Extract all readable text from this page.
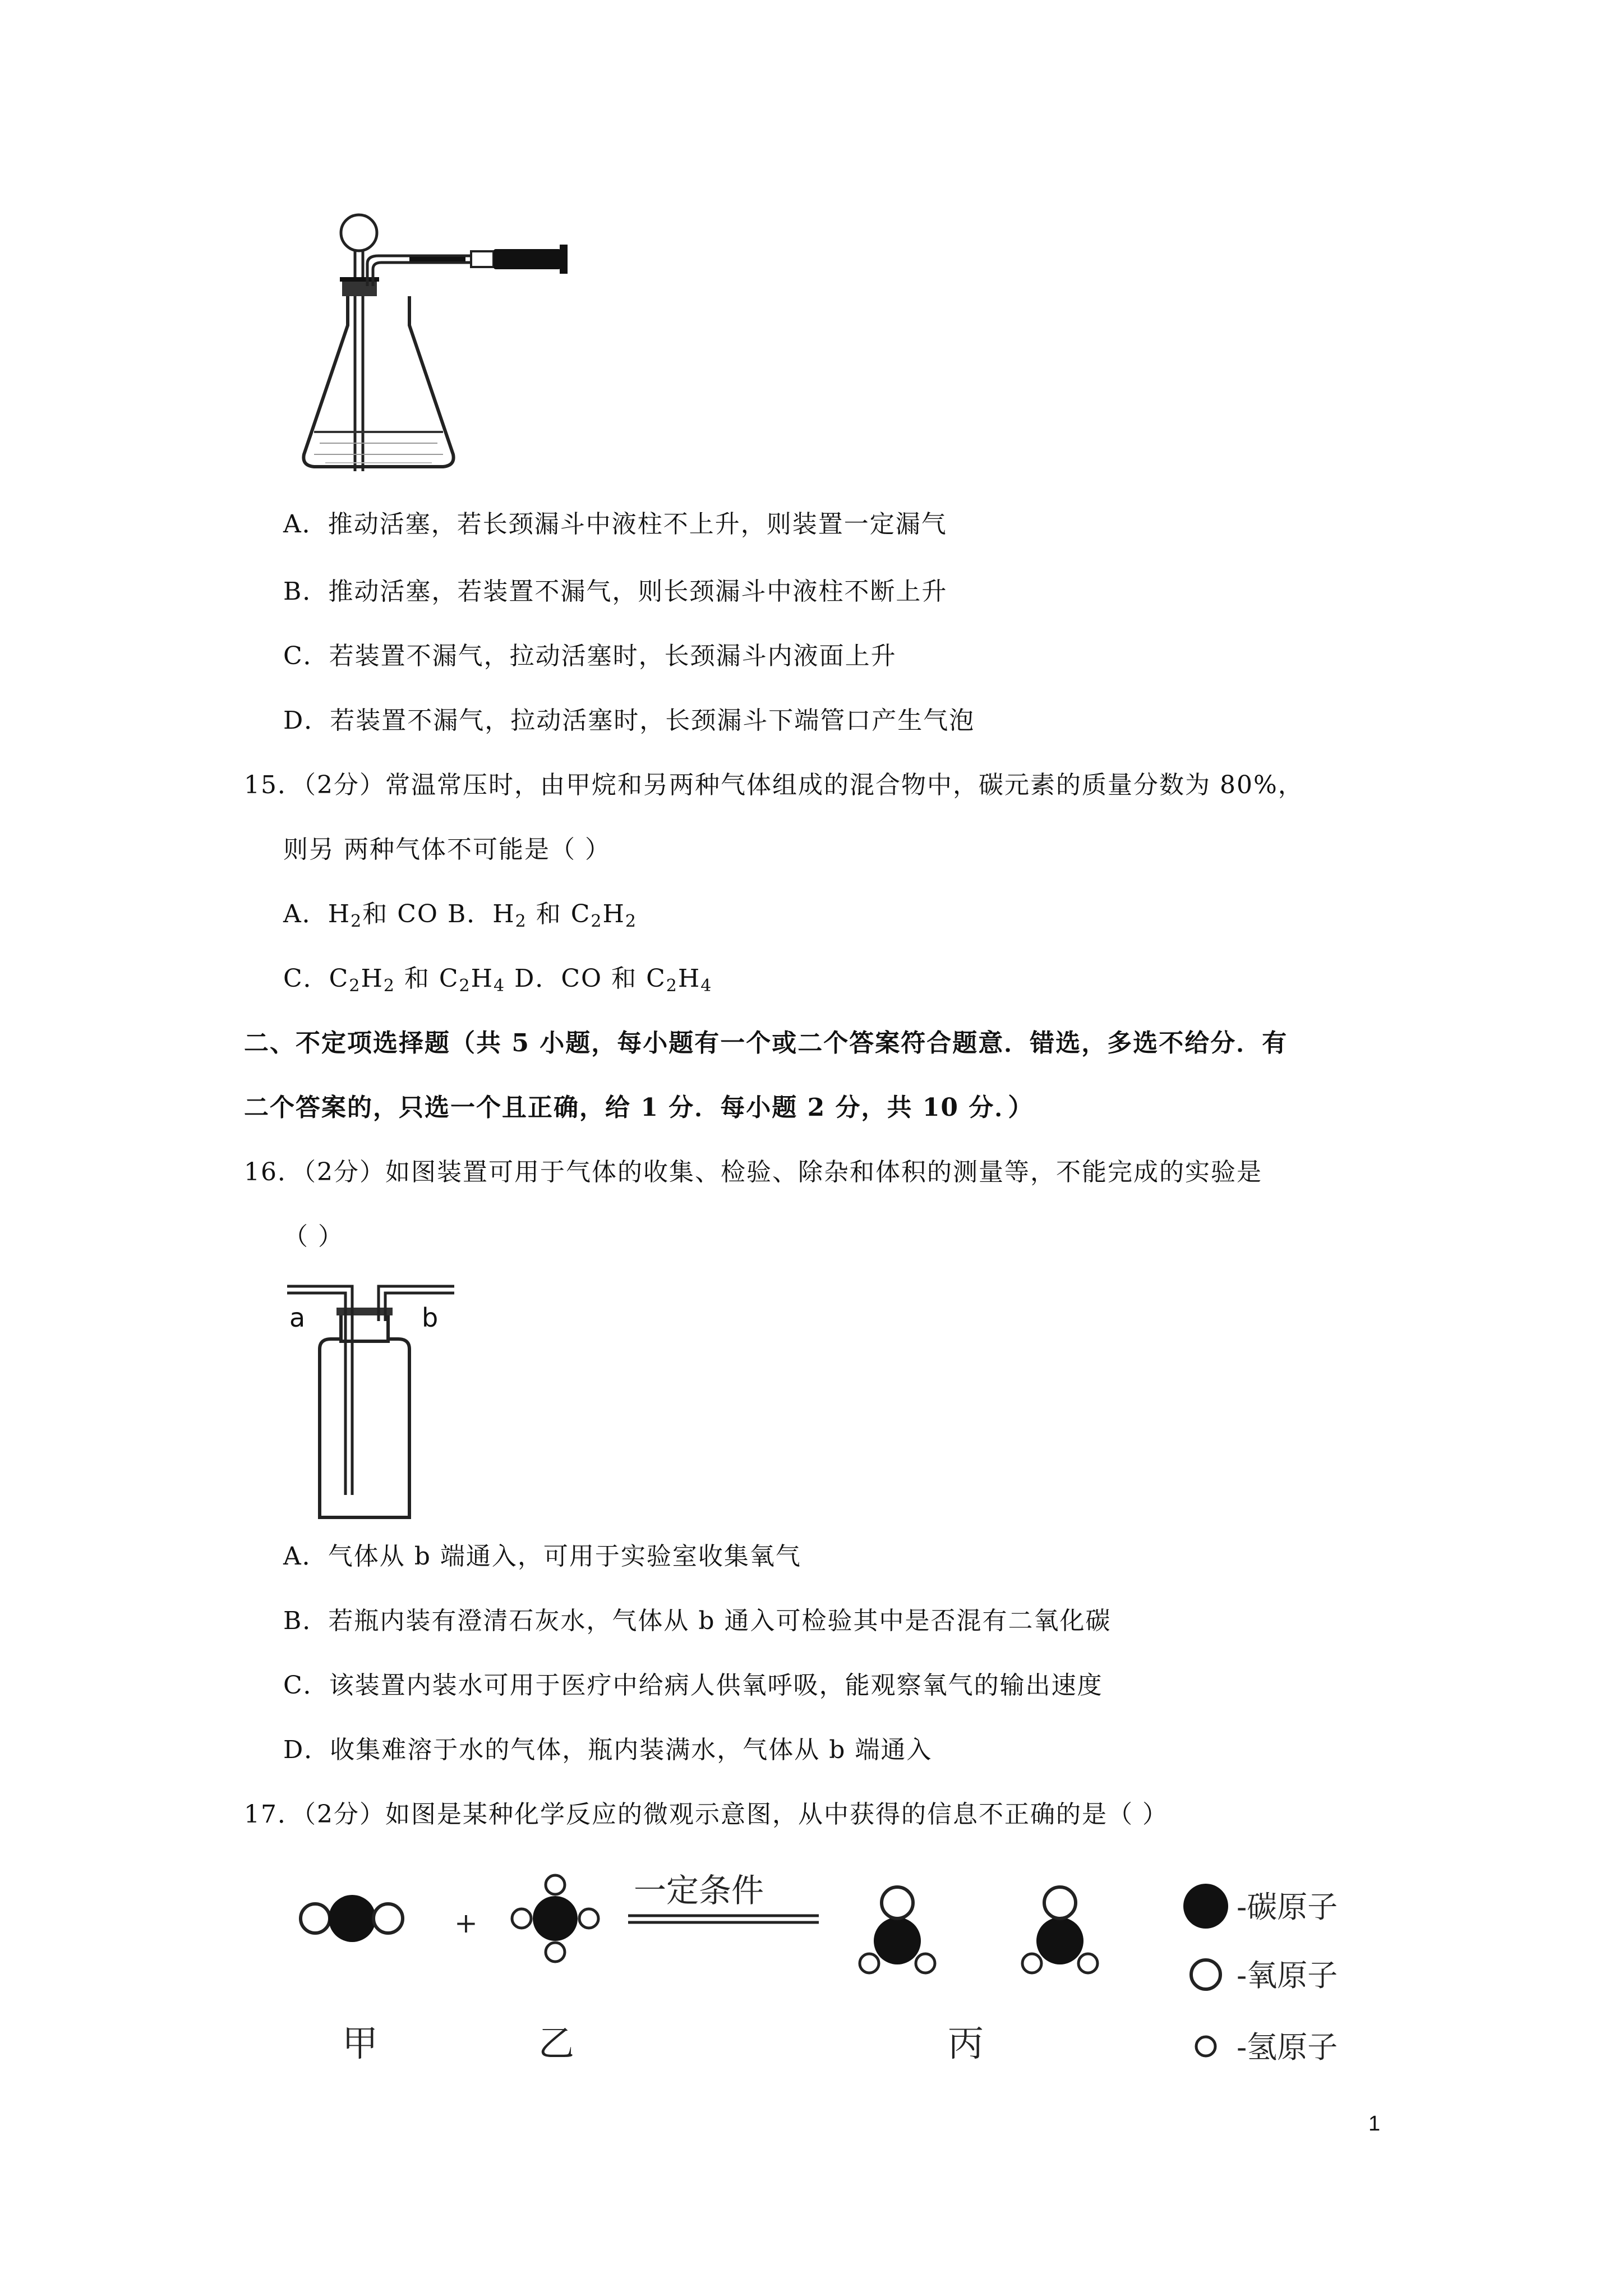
A．推动活塞，若长颈漏斗中液柱不上升，则装置一定漏气
B．推动活塞，若装置不漏气，则长颈漏斗中液柱不断上升
C．若装置不漏气，拉动活塞时，长颈漏斗内液面上升
D．若装置不漏气，拉动活塞时，长颈漏斗下端管口产生气泡
15．（2分）常温常压时，由甲烷和另两种气体组成的混合物中，碳元素的质量分数为 80%，
则另 两种气体不可能是（ ）
A．$H_2$和 CO B．$H_2$ 和 $C_2H_2$
C．$C_2H_2$ 和 $C_2H_4$ D．CO 和 $C_2H_4$
二、不定项选择题（共 5 小题，每小题有一个或二个答案符合题意．错选，多选不给分．有
二个答案的，只选一个且正确，给 1 分．每小题 2 分，共 10 分．）
16．（2分）如图装置可用于气体的收集、检验、除杂和体积的测量等，不能完成的实验是
（ ）
a	b
A．气体从 b 端通入，可用于实验室收集氧气
B．若瓶内装有澄清石灰水，气体从 b 通入可检验其中是否混有二氧化碳
C．该装置内装水可用于医疗中给病人供氧呼吸，能观察氧气的输出速度
D．收集难溶于水的气体，瓶内装满水，气体从 b 端通入
17．（2分）如图是某种化学反应的微观示意图，从中获得的信息不正确的是（ ）
+
一定条件
甲	乙	丙
-碳原子
-氧原子
-氢原子
1
